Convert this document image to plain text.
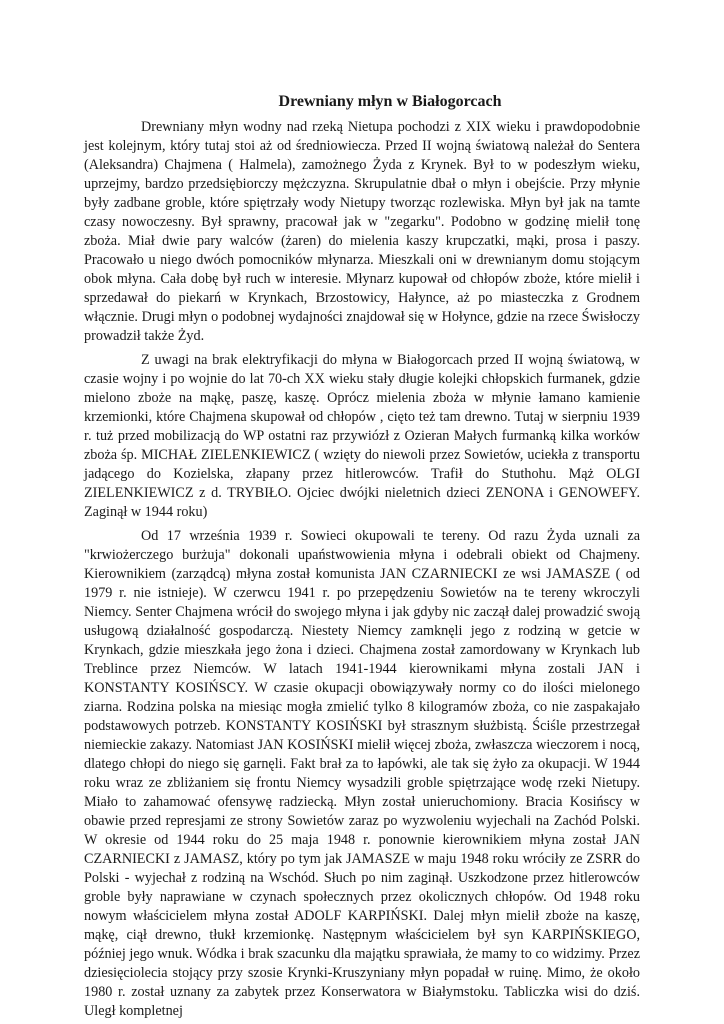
Drewniany młyn w Białogorcach

Drewniany młyn wodny nad rzeką Nietupa pochodzi z XIX wieku i prawdopodobnie jest kolejnym, który tutaj stoi aż od średniowiecza. Przed II wojną światową należał do Sentera (Aleksandra) Chajmena ( Halmela), zamożnego Żyda z Krynek. Był to w podeszłym wieku, uprzejmy, bardzo przedsiębiorczy mężczyzna. Skrupulatnie dbał o młyn i obejście. Przy młynie były zadbane groble, które spiętrzały wody Nietupy tworząc rozlewiska. Młyn był jak na tamte czasy nowoczesny. Był sprawny, pracował jak w "zegarku". Podobno w godzinę mielił tonę zboża. Miał dwie pary walców (żaren) do mielenia kaszy krupczatki, mąki, prosa i paszy. Pracowało u niego dwóch pomocników młynarza. Mieszkali oni w drewnianym domu stojącym obok młyna. Cała dobę był ruch w interesie. Młynarz kupował od chłopów zboże, które mielił i sprzedawał do piekarń w Krynkach, Brzostowicy, Hałynce, aż po miasteczka z Grodnem włącznie. Drugi młyn o podobnej wydajności znajdował się w Hołynce, gdzie na rzece Świsłoczy prowadził także Żyd.

Z uwagi na brak elektryfikacji do młyna w Białogorcach przed II wojną światową, w czasie wojny i po wojnie do lat 70-ch XX wieku stały długie kolejki chłopskich furmanek, gdzie mielono zboże na mąkę, paszę, kaszę. Oprócz mielenia zboża w młynie łamano kamienie krzemionki, które Chajmena skupował od chłopów , cięto też tam drewno. Tutaj w sierpniu 1939 r. tuż przed mobilizacją do WP ostatni raz przywiózł z Ozieran Małych furmanką kilka worków zboża śp. MICHAŁ ZIELENKIEWICZ ( wzięty do niewoli przez Sowietów, uciekła z transportu jadącego do Kozielska, złapany przez hitlerowców. Trafił do Stuthohu. Mąż OLGI ZIELENKIEWICZ z d. TRYBIŁO. Ojciec dwójki nieletnich dzieci ZENONA i GENOWEFY. Zaginął w 1944 roku)

Od 17 września 1939 r. Sowieci okupowali te tereny. Od razu Żyda uznali za "krwiożerczego burżuja" dokonali upaństwowienia młyna i odebrali obiekt od Chajmeny. Kierownikiem (zarządcą) młyna został komunista JAN CZARNIECKI ze wsi JAMASZE ( od 1979 r. nie istnieje). W czerwcu 1941 r. po przepędzeniu Sowietów na te tereny wkroczyli Niemcy. Senter Chajmena wrócił do swojego młyna i jak gdyby nic zaczął dalej prowadzić swoją usługową działalność gospodarczą. Niestety Niemcy zamknęli jego z rodziną w getcie w Krynkach, gdzie mieszkała jego żona i dzieci. Chajmena został zamordowany w Krynkach lub Treblince przez Niemców. W latach 1941-1944 kierownikami młyna zostali JAN i KONSTANTY KOSIŃSCY. W czasie okupacji obowiązywały normy co do ilości mielonego ziarna. Rodzina polska na miesiąc mogła zmielić tylko 8 kilogramów zboża, co nie zaspakajało podstawowych potrzeb. KONSTANTY KOSIŃSKI był strasznym służbistą. Ściśle przestrzegał niemieckie zakazy. Natomiast JAN KOSIŃSKI mielił więcej zboża, zwłaszcza wieczorem i nocą, dlatego chłopi do niego się garnęli. Fakt brał za to łapówki, ale tak się żyło za okupacji. W 1944 roku wraz ze zbliżaniem się frontu Niemcy wysadzili groble spiętrzające wodę rzeki Nietupy. Miało to zahamować ofensywę radziecką. Młyn został unieruchomiony. Bracia Kosińscy w obawie przed represjami ze strony Sowietów zaraz po wyzwoleniu wyjechali na Zachód Polski. W okresie od 1944 roku do 25 maja 1948 r. ponownie kierownikiem młyna został JAN CZARNIECKI z JAMASZ, który po tym jak JAMASZE w maju 1948 roku wróciły ze ZSRR do Polski - wyjechał z rodziną na Wschód. Słuch po nim zaginął. Uszkodzone przez hitlerowców groble były naprawiane w czynach społecznych przez okolicznych chłopów. Od 1948 roku nowym właścicielem młyna został ADOLF KARPIŃSKI. Dalej młyn mielił zboże na kaszę, mąkę, ciął drewno, tłukł krzemionkę. Następnym właścicielem był syn KARPIŃSKIEGO, później jego wnuk. Wódka i brak szacunku dla majątku sprawiała, że mamy to co widzimy. Przez dziesięciolecia stojący przy szosie Krynki-Kruszyniany młyn popadał w ruinę. Mimo, że około 1980 r. został uznany za zabytek przez Konserwatora w Białymstoku. Tabliczka wisi do dziś. Uległ kompletnej
